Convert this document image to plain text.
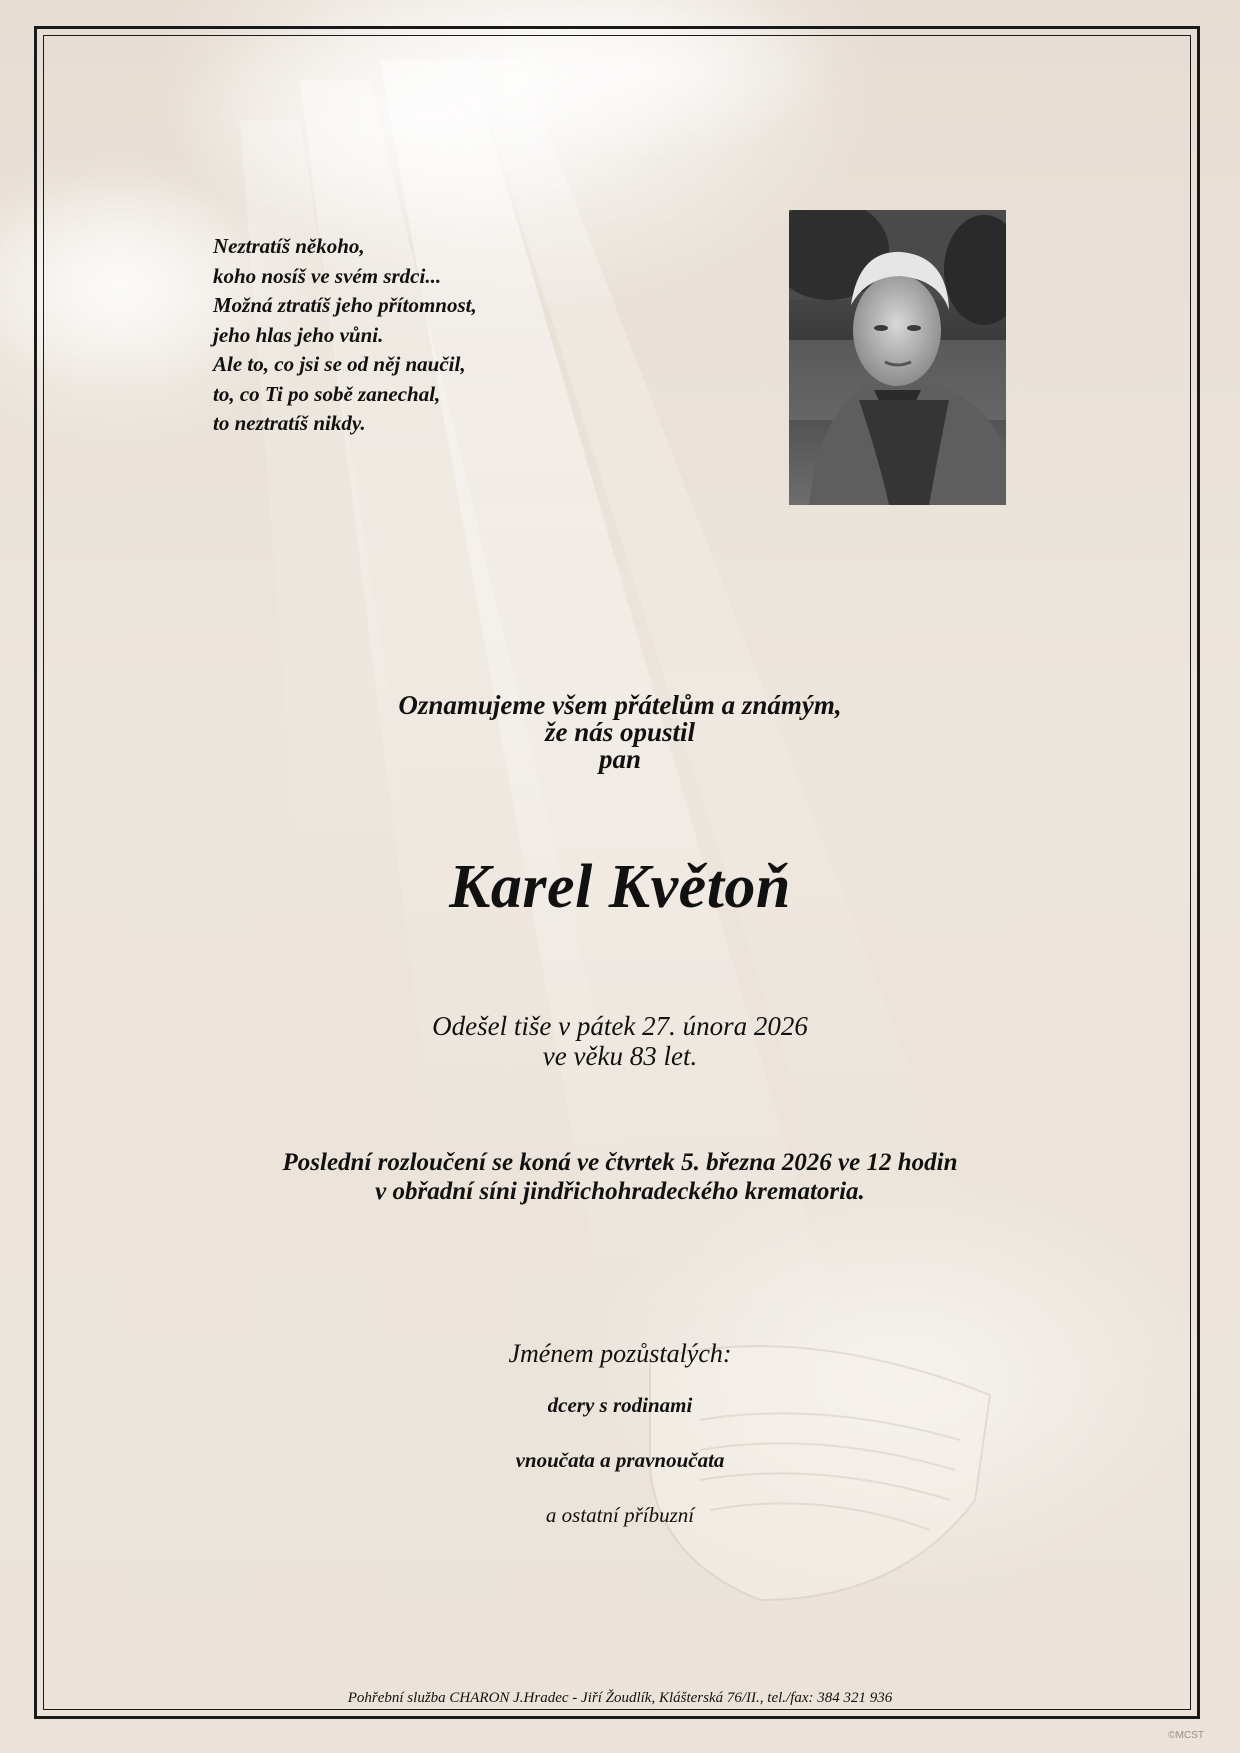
Neztratíš někoho,
koho nosíš ve svém srdci...
Možná ztratíš jeho přítomnost,
jeho hlas jeho vůni.
Ale to, co jsi se od něj naučil,
to, co Ti po sobě zanechal,
to neztratíš nikdy.
Oznamujeme všem přátelům a známým,
že nás opustil
pan
Karel Květoň
Odešel tiše v pátek 27. února 2026
ve věku 83 let.
Poslední rozloučení se koná ve čtvrtek 5. března 2026 ve 12 hodin
v obřadní síni jindřichohradeckého krematoria.
Jménem pozůstalých:
dcery s rodinami
vnoučata a pravnoučata
a ostatní příbuzní
Pohřební služba CHARON J.Hradec - Jiří Žoudlík, Klášterská 76/II., tel./fax: 384 321 936
©MCST
